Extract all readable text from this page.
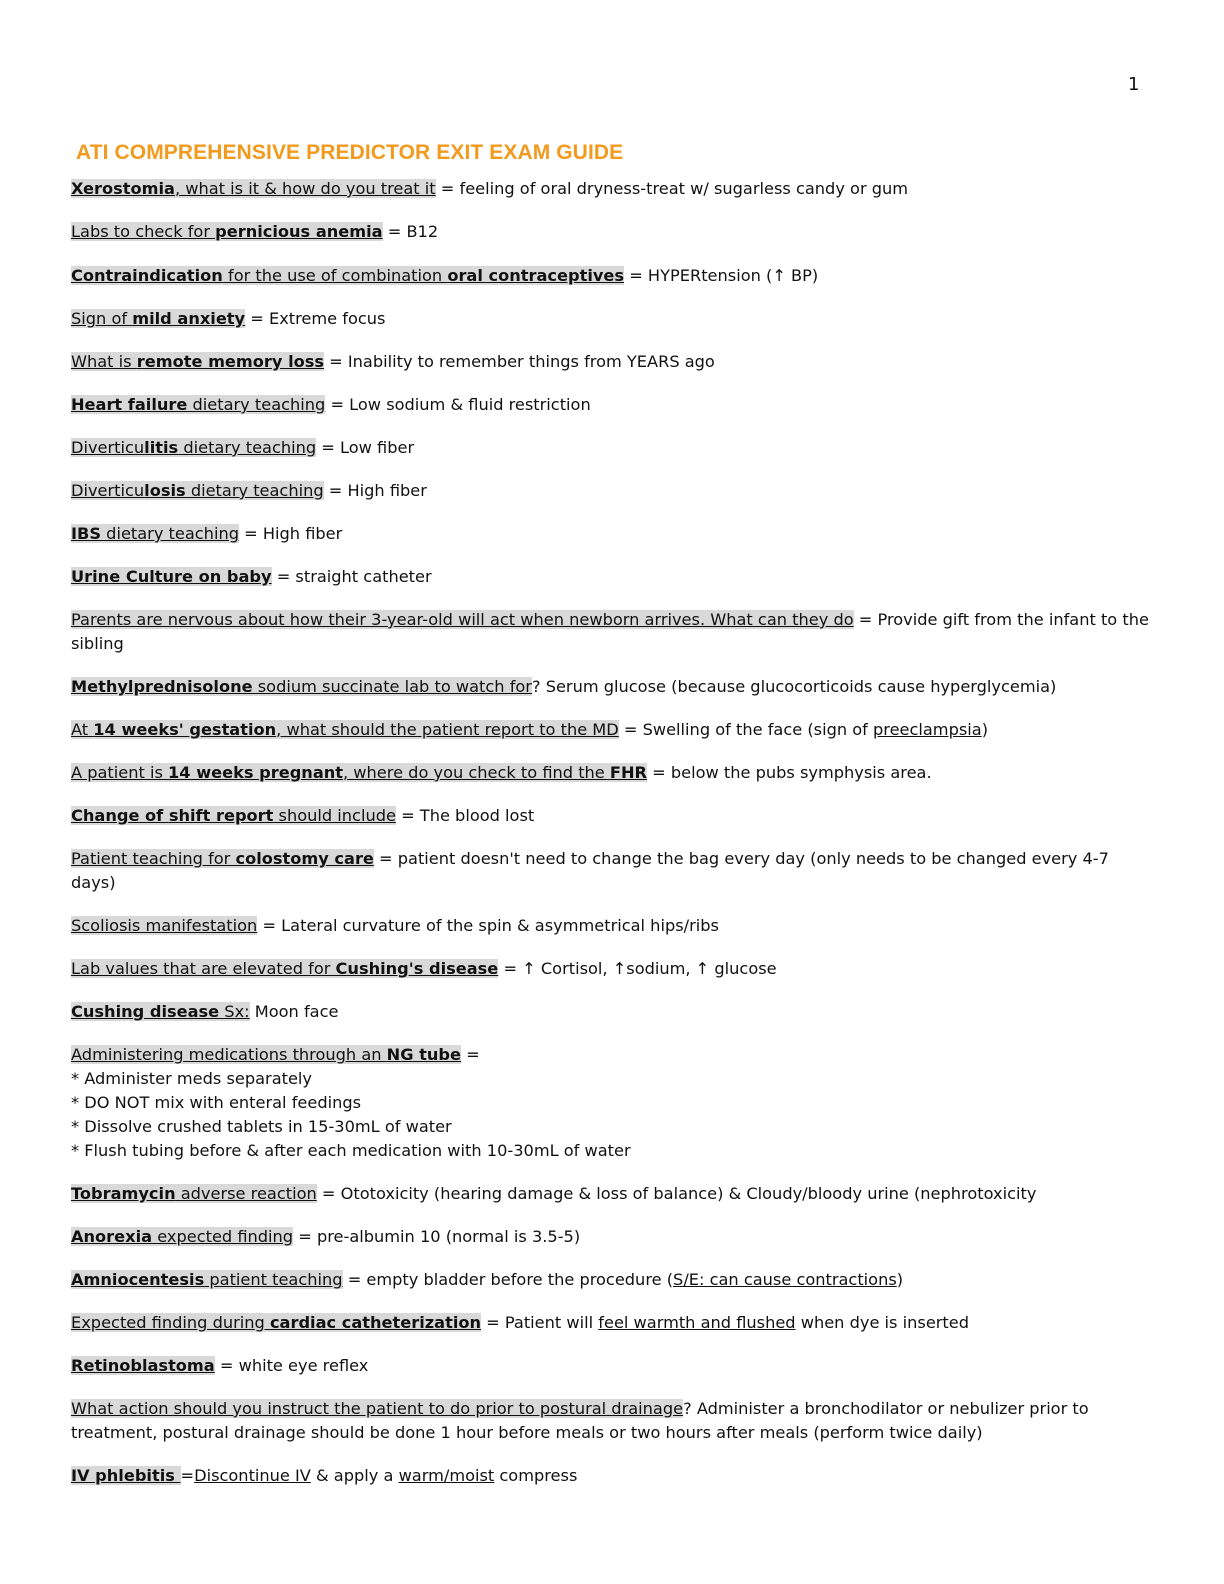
1
ATI COMPREHENSIVE PREDICTOR EXIT EXAM GUIDE

Xerostomia, what is it & how do you treat it = feeling of oral dryness-treat w/ sugarless candy or gum

Labs to check for pernicious anemia = B12

Contraindication for the use of combination oral contraceptives = HYPERtension (↑ BP)

Sign of mild anxiety = Extreme focus

What is remote memory loss = Inability to remember things from YEARS ago

Heart failure dietary teaching = Low sodium & fluid restriction

Diverticulitis dietary teaching = Low fiber

Diverticulosis dietary teaching = High fiber

IBS dietary teaching = High fiber

Urine Culture on baby = straight catheter

Parents are nervous about how their 3-year-old will act when newborn arrives. What can they do = Provide gift from the infant to the sibling

Methylprednisolone sodium succinate lab to watch for? Serum glucose (because glucocorticoids cause hyperglycemia)

At 14 weeks' gestation, what should the patient report to the MD = Swelling of the face (sign of preeclampsia)

A patient is 14 weeks pregnant, where do you check to find the FHR = below the pubs symphysis area.

Change of shift report should include = The blood lost

Patient teaching for colostomy care = patient doesn't need to change the bag every day (only needs to be changed every 4-7 days)

Scoliosis manifestation = Lateral curvature of the spin & asymmetrical hips/ribs

Lab values that are elevated for Cushing's disease = ↑ Cortisol, ↑sodium, ↑ glucose

Cushing disease Sx: Moon face

Administering medications through an NG tube =
* Administer meds separately
* DO NOT mix with enteral feedings
* Dissolve crushed tablets in 15-30mL of water
* Flush tubing before & after each medication with 10-30mL of water

Tobramycin adverse reaction = Ototoxicity (hearing damage & loss of balance) & Cloudy/bloody urine (nephrotoxicity

Anorexia expected finding = pre-albumin 10 (normal is 3.5-5)

Amniocentesis patient teaching = empty bladder before the procedure (S/E: can cause contractions)

Expected finding during cardiac catheterization = Patient will feel warmth and flushed when dye is inserted

Retinoblastoma = white eye reflex

What action should you instruct the patient to do prior to postural drainage? Administer a bronchodilator or nebulizer prior to treatment, postural drainage should be done 1 hour before meals or two hours after meals (perform twice daily)

IV phlebitis =Discontinue IV & apply a warm/moist compress
